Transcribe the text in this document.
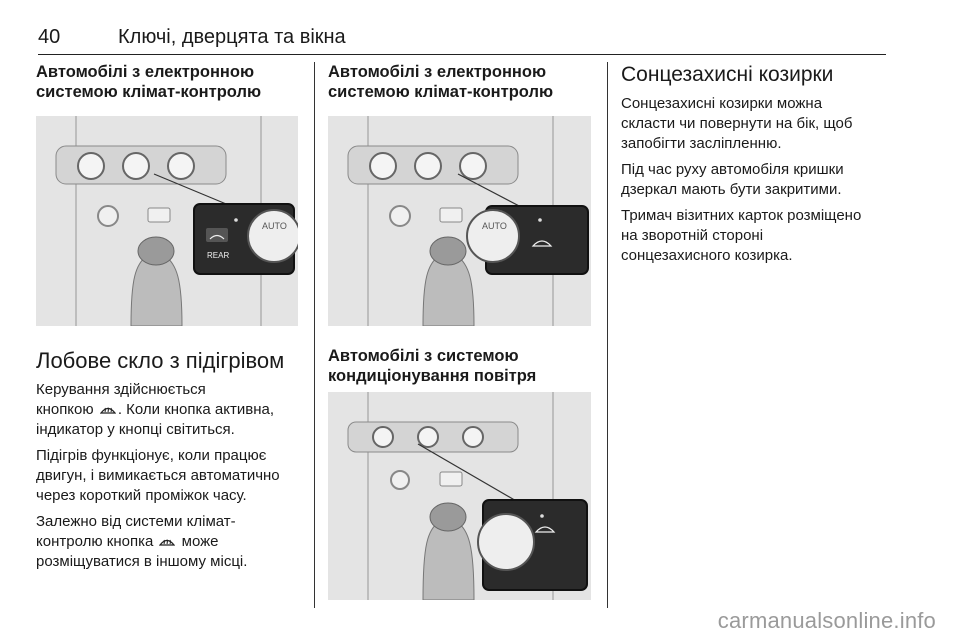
40	Ключі, дверцята та вікна

Автомобілі з електронною
системою клімат-контролю

AUTO
REAR

Лобове скло з підігрівом

Керування здійснюється
кнопкою . Коли кнопка активна,
індикатор у кнопці світиться.

Підігрів функціонує, коли працює
двигун, і вимикається автоматично
через короткий проміжок часу.

Залежно від системи клімат-
контролю кнопка може
розміщуватися в іншому місці.

Автомобілі з електронною
системою клімат-контролю

AUTO

Автомобілі з системою
кондиціонування повітря

Сонцезахисні козирки

Сонцезахисні козирки можна
скласти чи повернути на бік, щоб
запобігти засліпленню.

Під час руху автомобіля кришки
дзеркал мають бути закритими.

Тримач візитних карток розміщено
на зворотній стороні
сонцезахисного козирка.

carmanualsonline.info
